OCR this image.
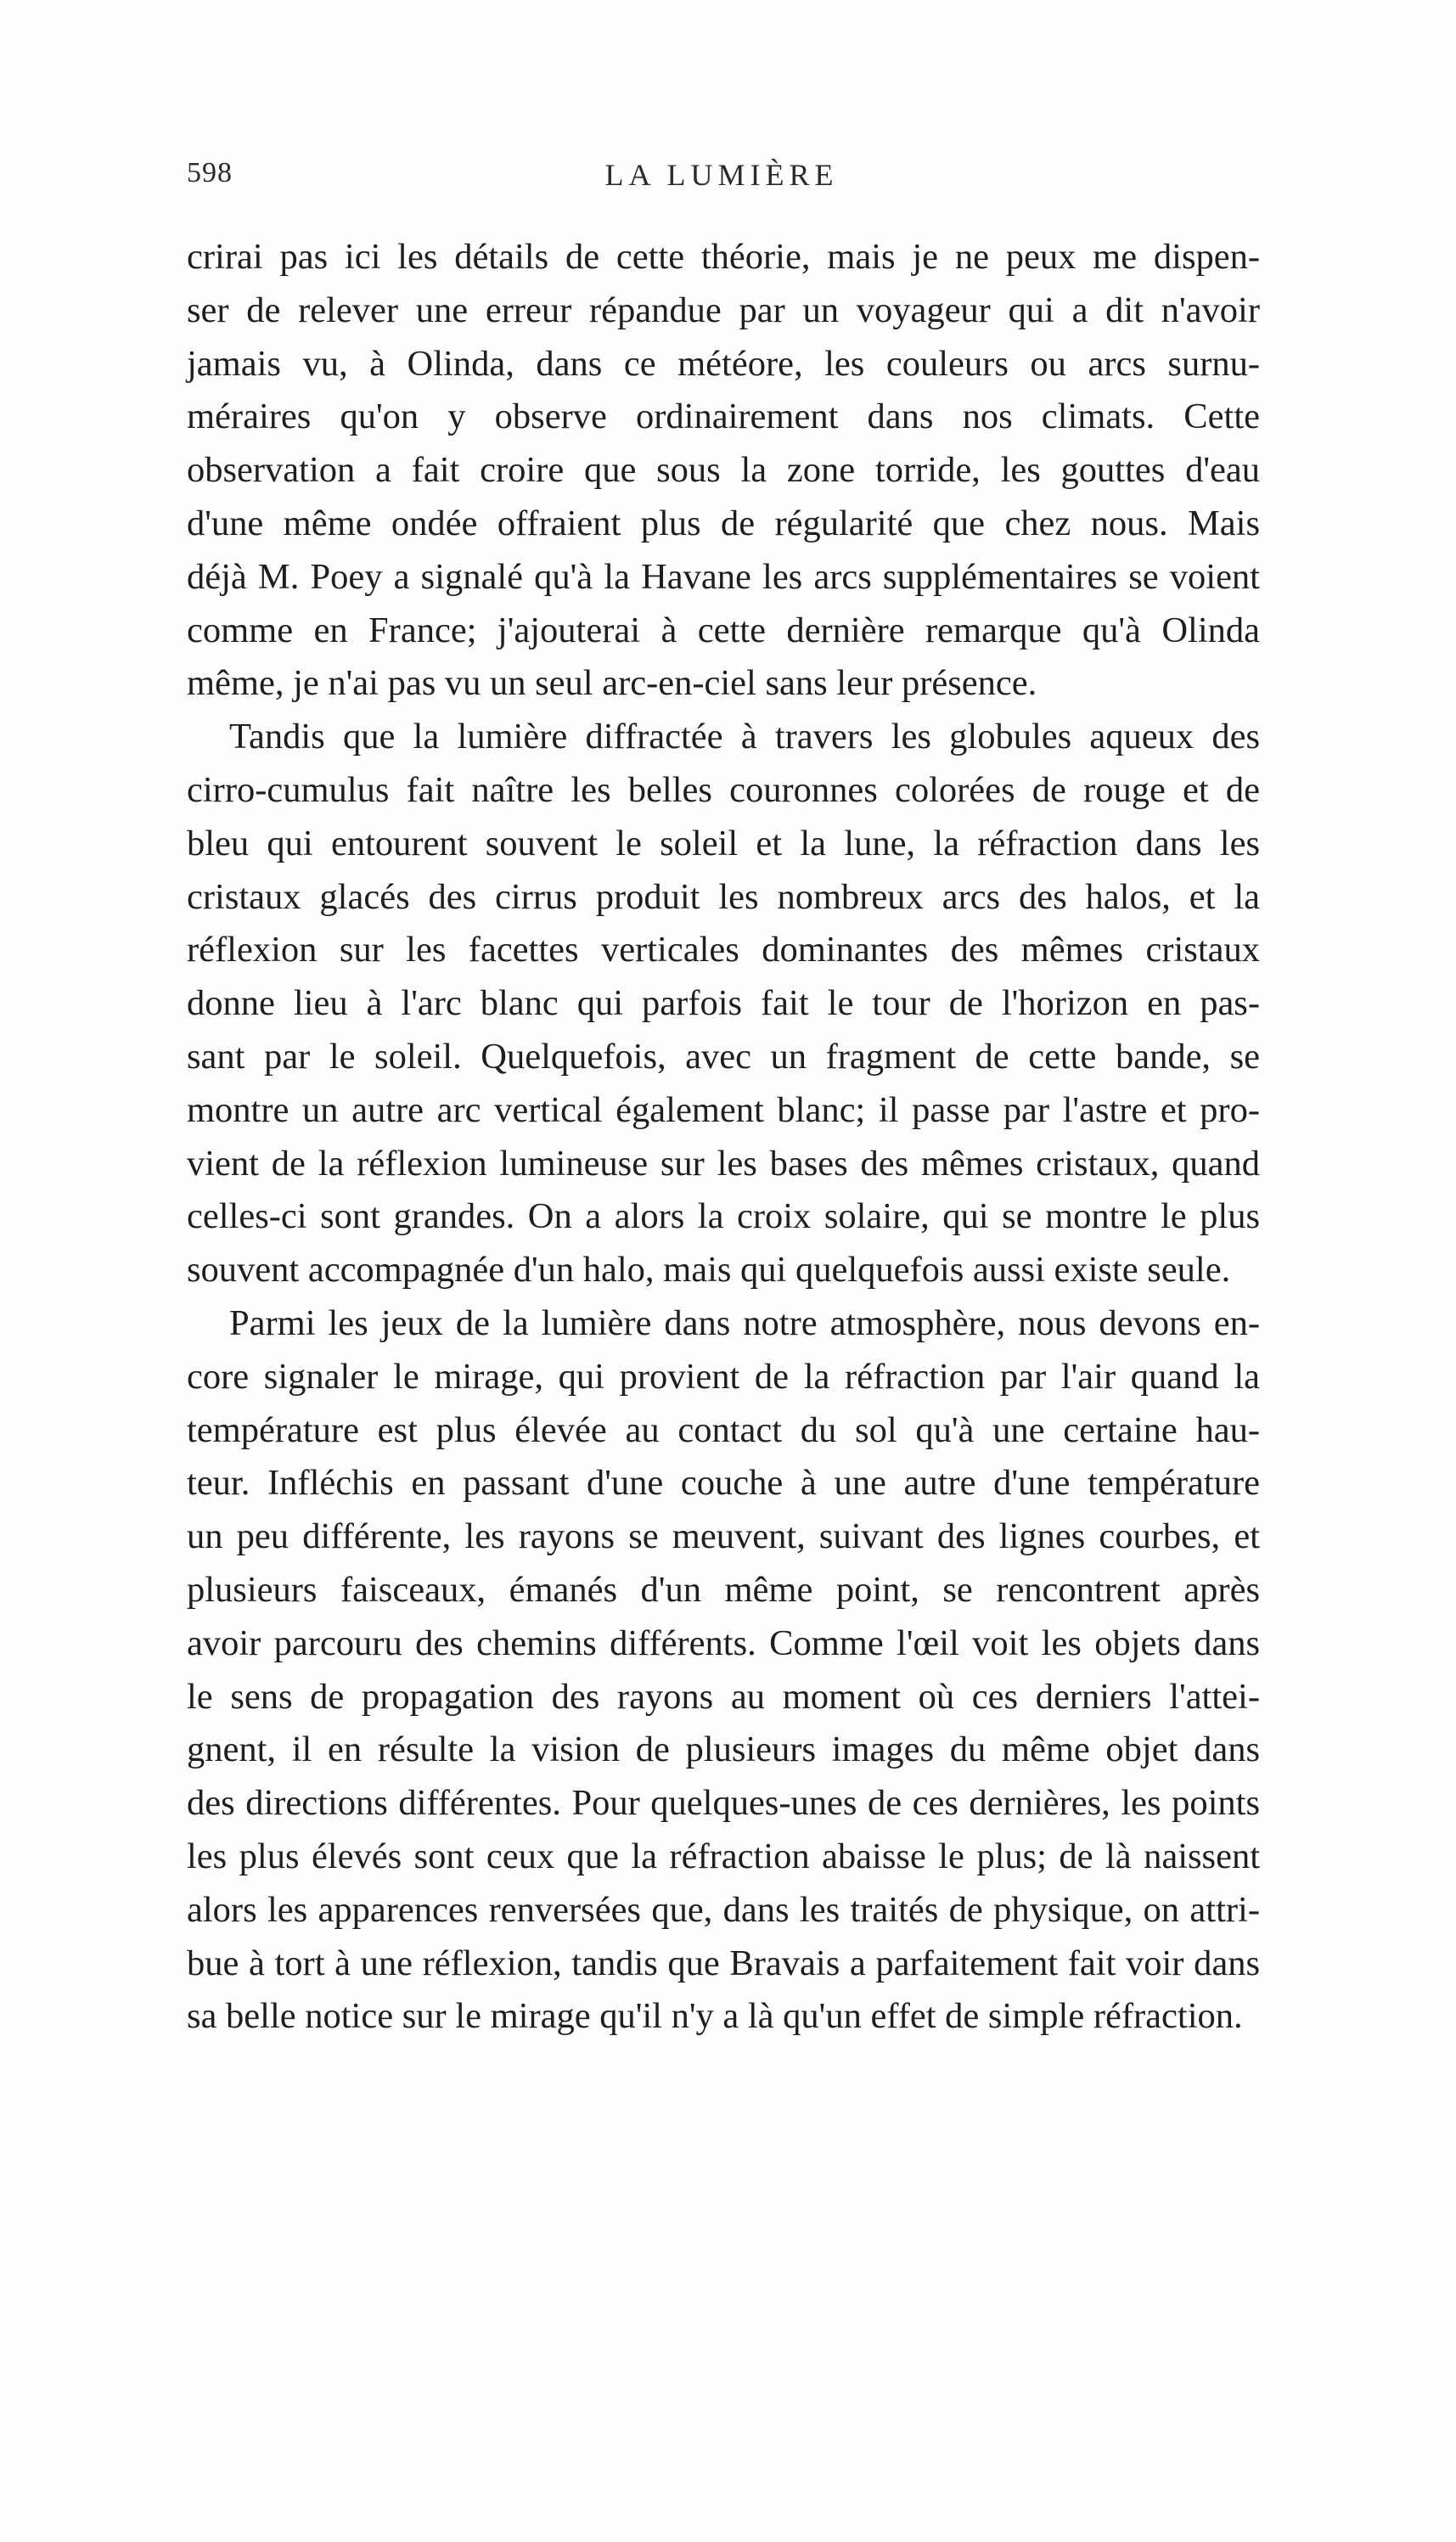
598	LA LUMIÈRE
crirai pas ici les détails de cette théorie, mais je ne peux me dispen-
ser de relever une erreur répandue par un voyageur qui a dit n'avoir
jamais vu, à Olinda, dans ce météore, les couleurs ou arcs surnu-
méraires qu'on y observe ordinairement dans nos climats. Cette
observation a fait croire que sous la zone torride, les gouttes d'eau
d'une même ondée offraient plus de régularité que chez nous. Mais
déjà M. Poey a signalé qu'à la Havane les arcs supplémentaires se voient
comme en France; j'ajouterai à cette dernière remarque qu'à Olinda
même, je n'ai pas vu un seul arc-en-ciel sans leur présence.
Tandis que la lumière diffractée à travers les globules aqueux des
cirro-cumulus fait naître les belles couronnes colorées de rouge et de
bleu qui entourent souvent le soleil et la lune, la réfraction dans les
cristaux glacés des cirrus produit les nombreux arcs des halos, et la
réflexion sur les facettes verticales dominantes des mêmes cristaux
donne lieu à l'arc blanc qui parfois fait le tour de l'horizon en pas-
sant par le soleil. Quelquefois, avec un fragment de cette bande, se
montre un autre arc vertical également blanc; il passe par l'astre et pro-
vient de la réflexion lumineuse sur les bases des mêmes cristaux, quand
celles-ci sont grandes. On a alors la croix solaire, qui se montre le plus
souvent accompagnée d'un halo, mais qui quelquefois aussi existe seule.
Parmi les jeux de la lumière dans notre atmosphère, nous devons en-
core signaler le mirage, qui provient de la réfraction par l'air quand la
température est plus élevée au contact du sol qu'à une certaine hau-
teur. Infléchis en passant d'une couche à une autre d'une température
un peu différente, les rayons se meuvent, suivant des lignes courbes, et
plusieurs faisceaux, émanés d'un même point, se rencontrent après
avoir parcouru des chemins différents. Comme l'œil voit les objets dans
le sens de propagation des rayons au moment où ces derniers l'attei-
gnent, il en résulte la vision de plusieurs images du même objet dans
des directions différentes. Pour quelques-unes de ces dernières, les points
les plus élevés sont ceux que la réfraction abaisse le plus; de là naissent
alors les apparences renversées que, dans les traités de physique, on attri-
bue à tort à une réflexion, tandis que Bravais a parfaitement fait voir dans
sa belle notice sur le mirage qu'il n'y a là qu'un effet de simple réfraction.
